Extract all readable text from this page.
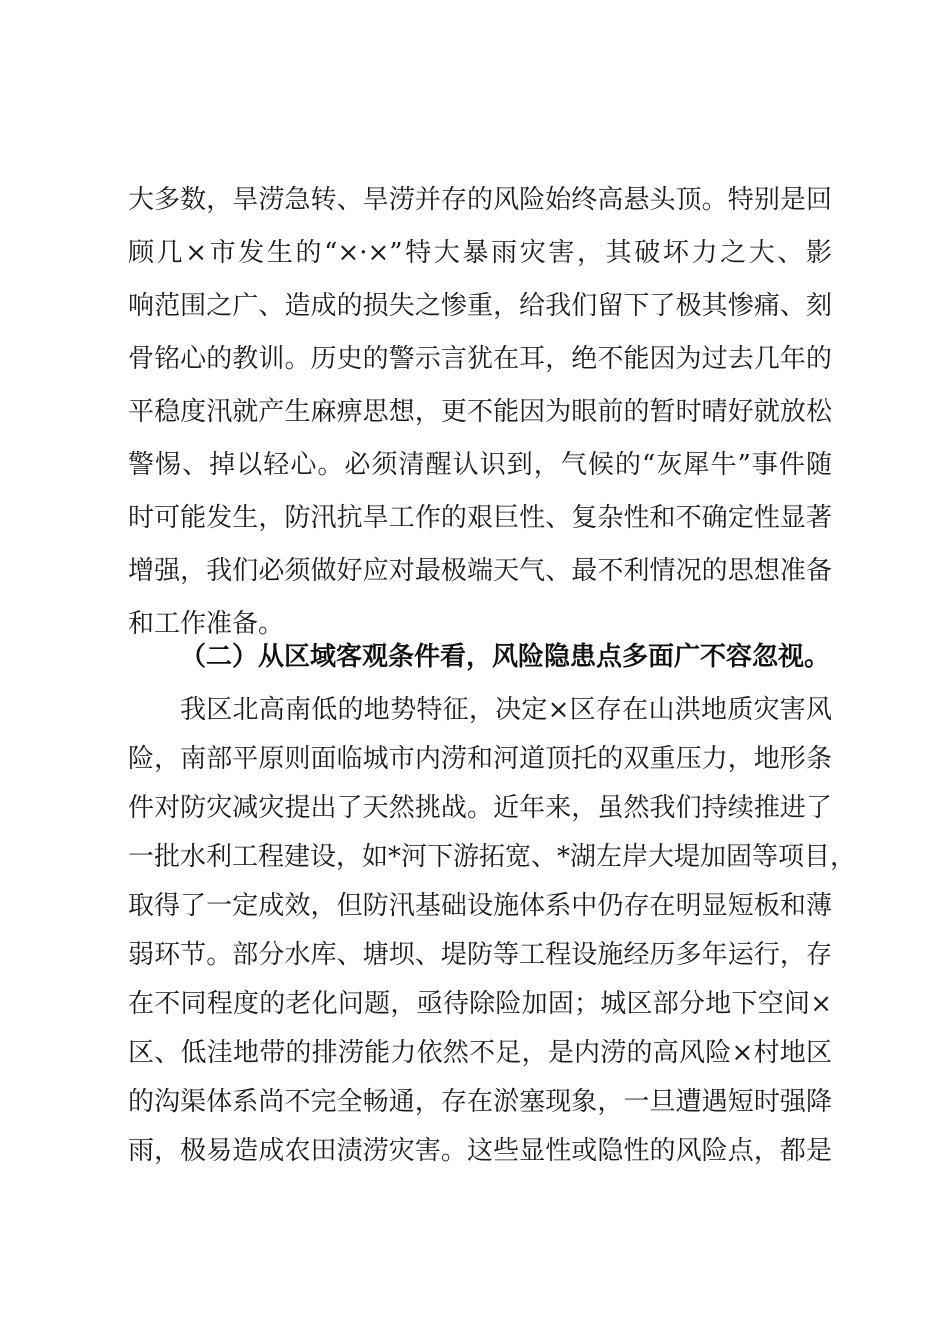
大多数，旱涝急转、旱涝并存的风险始终高悬头顶。特别是回
顾几×市发生的“×·×”特大暴雨灾害，其破坏力之大、影
响范围之广、造成的损失之惨重，给我们留下了极其惨痛、刻
骨铭心的教训。历史的警示言犹在耳，绝不能因为过去几年的
平稳度汛就产生麻痹思想，更不能因为眼前的暂时晴好就放松
警惕、掉以轻心。必须清醒认识到，气候的“灰犀牛”事件随
时可能发生，防汛抗旱工作的艰巨性、复杂性和不确定性显著
增强，我们必须做好应对最极端天气、最不利情况的思想准备
和工作准备。
（二）从区域客观条件看，风险隐患点多面广不容忽视。
我区北高南低的地势特征，决定×区存在山洪地质灾害风
险，南部平原则面临城市内涝和河道顶托的双重压力，地形条
件对防灾减灾提出了天然挑战。近年来，虽然我们持续推进了
一批水利工程建设，如*河下游拓宽、*湖左岸大堤加固等项目，
取得了一定成效，但防汛基础设施体系中仍存在明显短板和薄
弱环节。部分水库、塘坝、堤防等工程设施经历多年运行，存
在不同程度的老化问题，亟待除险加固；城区部分地下空间×
区、低洼地带的排涝能力依然不足，是内涝的高风险×村地区
的沟渠体系尚不完全畅通，存在淤塞现象，一旦遭遇短时强降
雨，极易造成农田渍涝灾害。这些显性或隐性的风险点，都是
